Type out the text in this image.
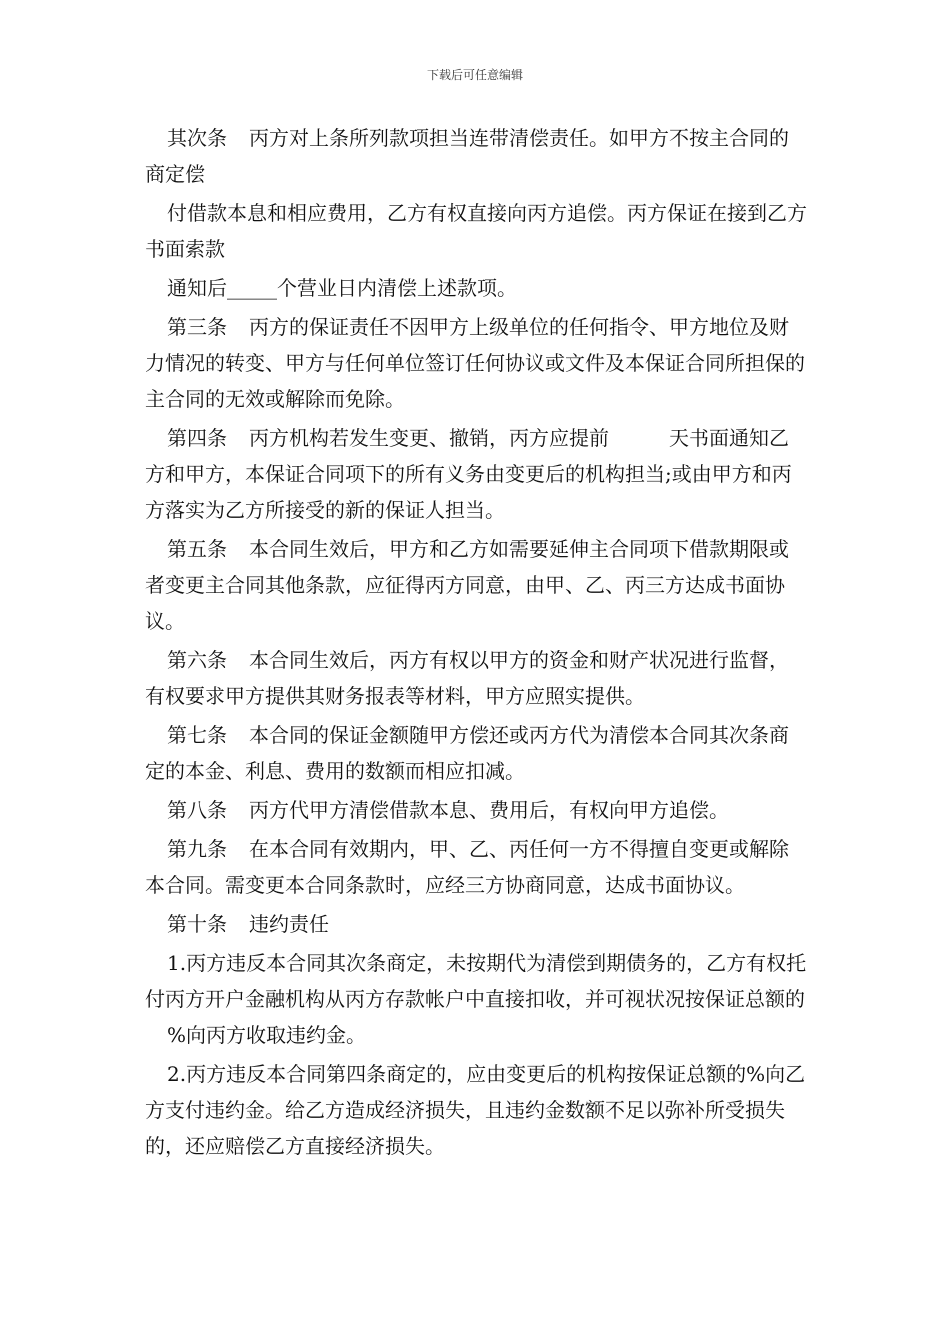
下载后可任意编辑

其次条 丙方对上条所列款项担当连带清偿责任。如甲方不按主合同的商定偿

付借款本息和相应费用，乙方有权直接向丙方追偿。丙方保证在接到乙方书面索款

通知后_____个营业日内清偿上述款项。

第三条 丙方的保证责任不因甲方上级单位的任何指令、甲方地位及财力情况的转变、甲方与任何单位签订任何协议或文件及本保证合同所担保的主合同的无效或解除而免除。

第四条 丙方机构若发生变更、撤销，丙方应提前	天书面通知乙方和甲方，本保证合同项下的所有义务由变更后的机构担当;或由甲方和丙方落实为乙方所接受的新的保证人担当。

第五条 本合同生效后，甲方和乙方如需要延伸主合同项下借款期限或者变更主合同其他条款，应征得丙方同意，由甲、乙、丙三方达成书面协议。

第六条 本合同生效后，丙方有权以甲方的资金和财产状况进行监督，有权要求甲方提供其财务报表等材料，甲方应照实提供。

第七条 本合同的保证金额随甲方偿还或丙方代为清偿本合同其次条商定的本金、利息、费用的数额而相应扣减。

第八条 丙方代甲方清偿借款本息、费用后，有权向甲方追偿。

第九条 在本合同有效期内，甲、乙、丙任何一方不得擅自变更或解除本合同。需变更本合同条款时，应经三方协商同意，达成书面协议。

第十条 违约责任

1.丙方违反本合同其次条商定，未按期代为清偿到期债务的，乙方有权托付丙方开户金融机构从丙方存款帐户中直接扣收，并可视状况按保证总额的%向丙方收取违约金。

2.丙方违反本合同第四条商定的，应由变更后的机构按保证总额的%向乙方支付违约金。给乙方造成经济损失，且违约金数额不足以弥补所受损失的，还应赔偿乙方直接经济损失。
